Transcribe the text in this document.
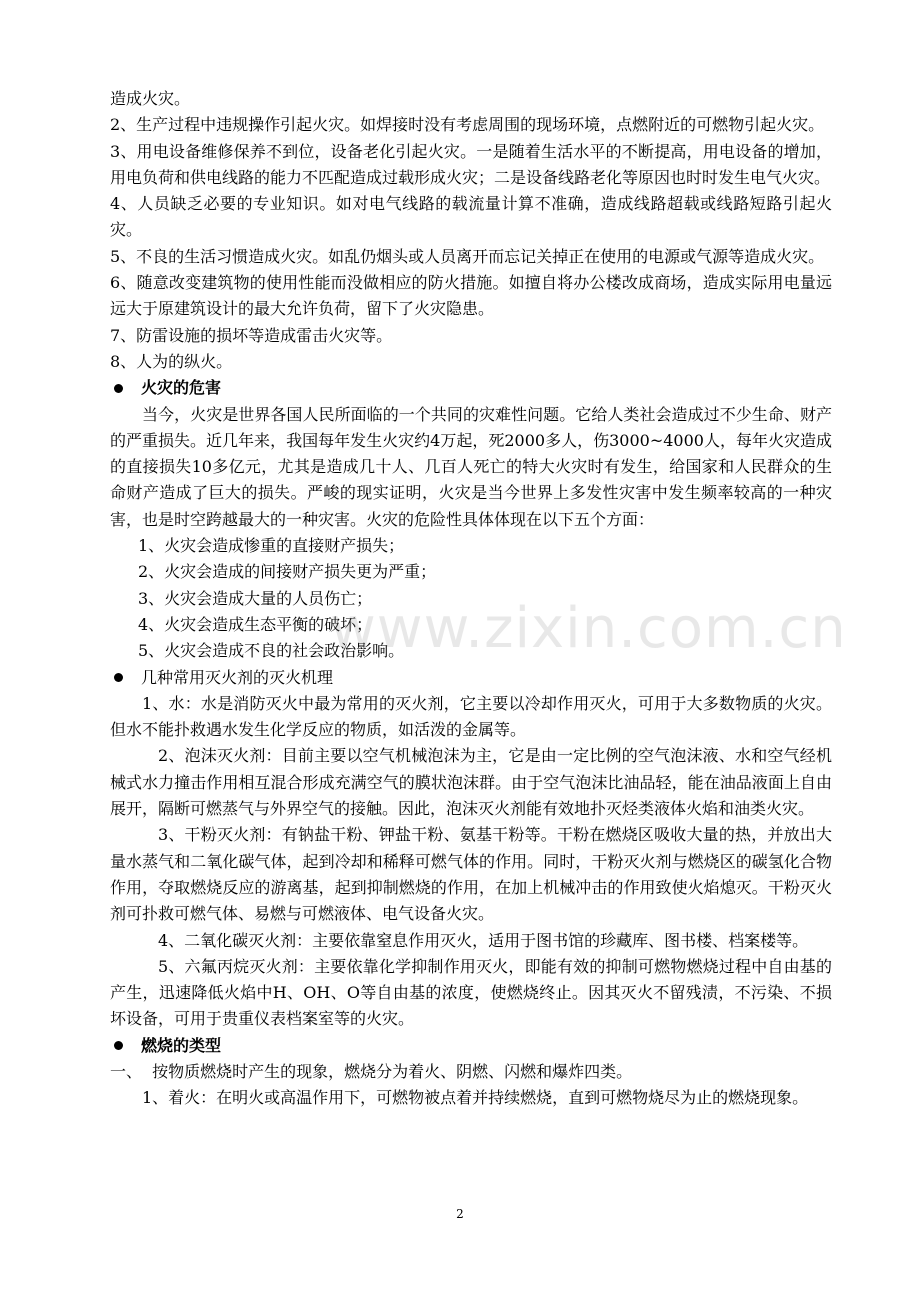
造成火灾。

2、生产过程中违规操作引起火灾。如焊接时没有考虑周围的现场环境，点燃附近的可燃物引起火灾。

3、用电设备维修保养不到位，设备老化引起火灾。一是随着生活水平的不断提高，用电设备的增加，用电负荷和供电线路的能力不匹配造成过载形成火灾；二是设备线路老化等原因也时时发生电气火灾。

4、人员缺乏必要的专业知识。如对电气线路的载流量计算不准确，造成线路超载或线路短路引起火灾。

5、不良的生活习惯造成火灾。如乱仍烟头或人员离开而忘记关掉正在使用的电源或气源等造成火灾。

6、随意改变建筑物的使用性能而没做相应的防火措施。如擅自将办公楼改成商场，造成实际用电量远远大于原建筑设计的最大允许负荷，留下了火灾隐患。

7、防雷设施的损坏等造成雷击火灾等。

8、人为的纵火。

火灾的危害

当今，火灾是世界各国人民所面临的一个共同的灾难性问题。它给人类社会造成过不少生命、财产的严重损失。近几年来，我国每年发生火灾约4万起，死2000多人，伤3000~4000人，每年火灾造成的直接损失10多亿元，尤其是造成几十人、几百人死亡的特大火灾时有发生，给国家和人民群众的生命财产造成了巨大的损失。严峻的现实证明，火灾是当今世界上多发性灾害中发生频率较高的一种灾害，也是时空跨越最大的一种灾害。火灾的危险性具体体现在以下五个方面：

1、火灾会造成惨重的直接财产损失；

2、火灾会造成的间接财产损失更为严重；

3、火灾会造成大量的人员伤亡；

4、火灾会造成生态平衡的破坏；

5、火灾会造成不良的社会政治影响。

几种常用灭火剂的灭火机理

1、水：水是消防灭火中最为常用的灭火剂，它主要以冷却作用灭火，可用于大多数物质的火灾。但水不能扑救遇水发生化学反应的物质，如活泼的金属等。

2、泡沫灭火剂：目前主要以空气机械泡沫为主，它是由一定比例的空气泡沫液、水和空气经机械式水力撞击作用相互混合形成充满空气的膜状泡沫群。由于空气泡沫比油品轻，能在油品液面上自由展开，隔断可燃蒸气与外界空气的接触。因此，泡沫灭火剂能有效地扑灭烃类液体火焰和油类火灾。

3、干粉灭火剂：有钠盐干粉、钾盐干粉、氨基干粉等。干粉在燃烧区吸收大量的热，并放出大量水蒸气和二氧化碳气体，起到冷却和稀释可燃气体的作用。同时，干粉灭火剂与燃烧区的碳氢化合物作用，夺取燃烧反应的游离基，起到抑制燃烧的作用，在加上机械冲击的作用致使火焰熄灭。干粉灭火剂可扑救可燃气体、易燃与可燃液体、电气设备火灾。

4、二氧化碳灭火剂：主要依靠窒息作用灭火，适用于图书馆的珍藏库、图书楼、档案楼等。

5、六氟丙烷灭火剂：主要依靠化学抑制作用灭火，即能有效的抑制可燃物燃烧过程中自由基的产生，迅速降低火焰中H、OH、O等自由基的浓度，使燃烧终止。因其灭火不留残渍，不污染、不损坏设备，可用于贵重仪表档案室等的火灾。

燃烧的类型

一、  按物质燃烧时产生的现象，燃烧分为着火、阴燃、闪燃和爆炸四类。

1、着火：在明火或高温作用下，可燃物被点着并持续燃烧，直到可燃物烧尽为止的燃烧现象。

www.zixin.com.cn
2
